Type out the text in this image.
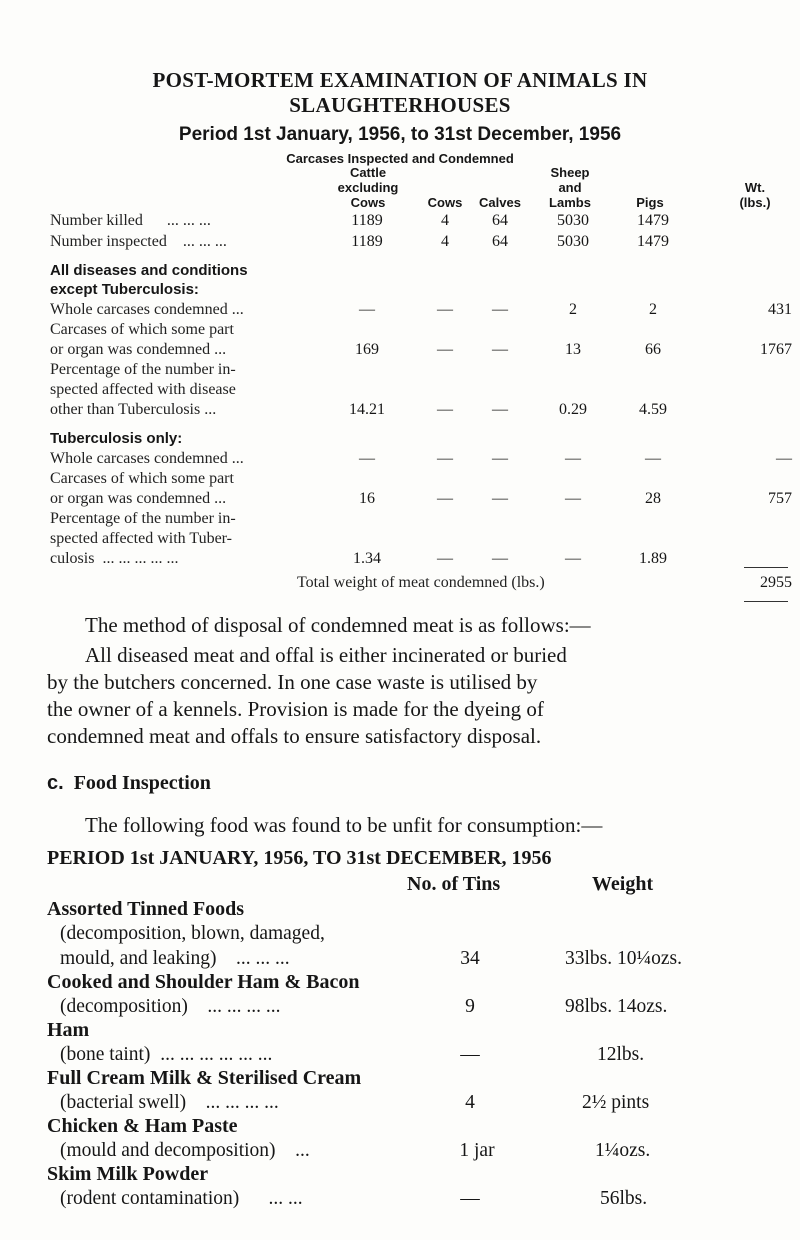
POST-MORTEM EXAMINATION OF ANIMALS IN
SLAUGHTERHOUSES
Period 1st January, 1956, to 31st December, 1956
Carcases Inspected and Condemned
Cattle
excluding
Cows	Cows	Calves
Sheep
and
Lambs	Pigs
Wt.
(lbs.)
Number killed ... ... ...	1189	4	64	5030	1479
Number inspected ... ... ...	1189	4	64	5030	1479
All diseases and conditions
except Tuberculosis:
Whole carcases condemned ...	—	—	—	2	2	431
Carcases of which some part
or organ was condemned ...	169	—	—	13	66	1767
Percentage of the number in-
spected affected with disease
other than Tuberculosis ...	14.21	—	—	0.29	4.59
Tuberculosis only:
Whole carcases condemned ...	—	—	—	—	—	—
Carcases of which some part
or organ was condemned ...	16	—	—	—	28	757
Percentage of the number in-
spected affected with Tuber-
culosis ... ... ... ... ...	1.34	—	—	—	1.89
Total weight of meat condemned (lbs.)	2955
The method of disposal of condemned meat is as follows:—
All diseased meat and offal is either incinerated or buried
by the butchers concerned. In one case waste is utilised by
the owner of a kennels. Provision is made for the dyeing of
condemned meat and offals to ensure satisfactory disposal.
c. Food Inspection
The following food was found to be unfit for consumption:—
PERIOD 1st JANUARY, 1956, TO 31st DECEMBER, 1956
No. of Tins	Weight
Assorted Tinned Foods
(decomposition, blown, damaged,
mould, and leaking) ... ... ...	34	33lbs. 10¼ozs.
Cooked and Shoulder Ham & Bacon
(decomposition) ... ... ... ...	9	98lbs. 14ozs.
Ham
(bone taint) ... ... ... ... ... ...	—	12lbs.
Full Cream Milk & Sterilised Cream
(bacterial swell) ... ... ... ...	4	2½ pints
Chicken & Ham Paste
(mould and decomposition) ...	1 jar	1¼ozs.
Skim Milk Powder
(rodent contamination) ... ...	—	56lbs.
